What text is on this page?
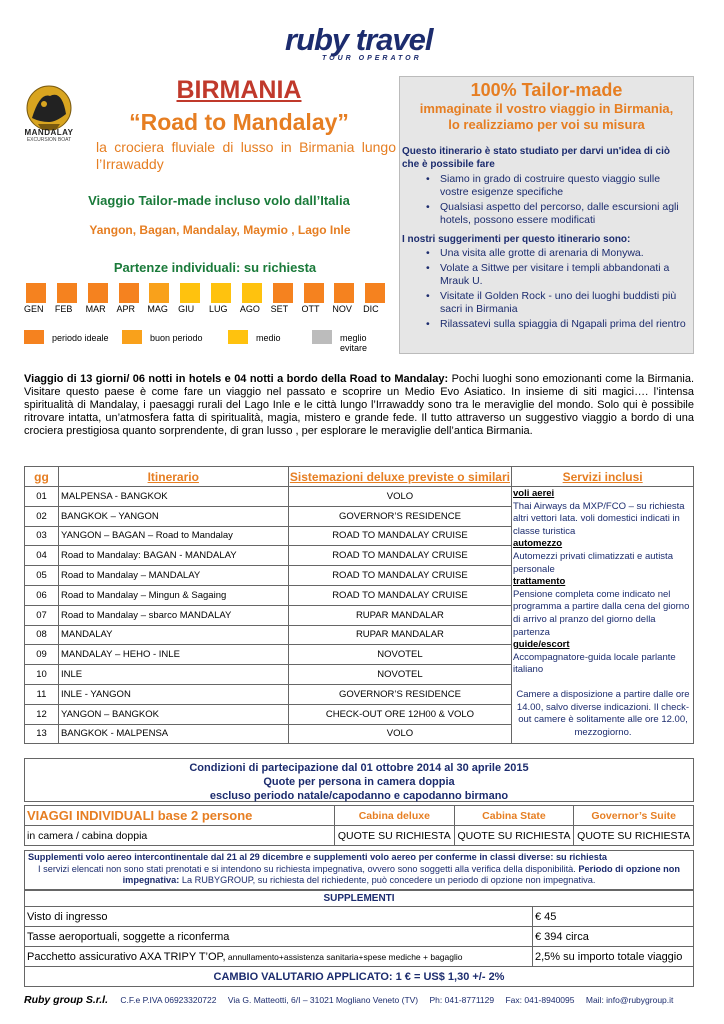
ruby travel
TOUR OPERATOR
MANDALAY
EXCURSION BOAT
BIRMANIA
“Road to Mandalay”
la crociera fluviale di lusso in Birmania lungo l’Irrawaddy
Viaggio Tailor-made incluso volo dall’Italia
Yangon, Bagan, Mandalay, Maymio , Lago Inle
Partenze individuali: su richiesta
GEN FEB MAR APR MAG GIU LUG AGO SET OTT NOV DIC
periodo ideale	buon periodo	medio	meglio evitare
100% Tailor-made
immaginate il vostro viaggio in Birmania,
lo realizziamo per voi su misura
Questo itinerario è stato studiato per darvi un'idea di ciò che è possibile fare
• Siamo in grado di costruire questo viaggio sulle vostre esigenze specifiche
• Qualsiasi aspetto del percorso, dalle escursioni agli hotels, possono essere modificati
I nostri suggerimenti per questo itinerario sono:
• Una visita alle grotte di arenaria di Monywa.
• Volate a Sittwe per visitare i templi abbandonati a Mrauk U.
• Visitate il Golden Rock - uno dei luoghi buddisti più sacri in Birmania
• Rilassatevi sulla spiaggia di Ngapali prima del rientro
Viaggio di 13 giorni/ 06 notti in hotels e 04 notti a bordo della Road to Mandalay: Pochi luoghi sono emozionanti come la Birmania. Visitare questo paese è come fare un viaggio nel passato e scoprire un Medio Evo Asiatico. In insieme di siti magici…. l’intensa spiritualità di Mandalay, i paesaggi rurali del Lago Inle e le città lungo l’Irrawaddy sono tra le meraviglie del mondo. Solo qui è possibile ritrovare intatta, un’atmosfera fatta di spiritualità, magia, mistero e grande fede. Il tutto attraverso un suggestivo viaggio a bordo di una crociera prestigiosa quanto sorprendente, di gran lusso , per esplorare le meraviglie dell’antica Birmania.
gg	Itinerario	Sistemazioni deluxe previste o similari	Servizi inclusi
01	MALPENSA - BANGKOK	VOLO	
02	BANGKOK – YANGON	GOVERNOR’S RESIDENCE	
03	YANGON – BAGAN – Road to Mandalay	ROAD TO MANDALAY CRUISE	
04	Road to Mandalay: BAGAN - MANDALAY	ROAD TO MANDALAY CRUISE	
05	Road to Mandalay – MANDALAY	ROAD TO MANDALAY CRUISE	
06	Road to Mandalay – Mingun & Sagaing	ROAD TO MANDALAY CRUISE	
07	Road to Mandalay – sbarco MANDALAY	RUPAR MANDALAR	
08	MANDALAY	RUPAR MANDALAR	
09	MANDALAY – HEHO - INLE	NOVOTEL	
10	INLE	NOVOTEL	
11	INLE - YANGON	GOVERNOR’S RESIDENCE	
12	YANGON – BANGKOK	CHECK-OUT ORE 12H00 & VOLO	
13	BANGKOK - MALPENSA	VOLO	
voli aerei
Thai Airways da MXP/FCO – su richiesta altri vettori Iata. voli domestici indicati in classe turistica
automezzo
Automezzi privati climatizzati e autista personale
trattamento
Pensione completa come indicato nel programma a partire dalla cena del giorno di arrivo al pranzo del giorno della partenza
guide/escort
Accompagnatore-guida locale parlante italiano
Camere a disposizione a partire dalle ore 14.00, salvo diverse indicazioni. Il check-out camere è solitamente alle ore 12.00, mezzogiorno.
Condizioni di partecipazione dal 01 ottobre 2014 al 30 aprile 2015
Quote per persona in camera doppia
escluso periodo natale/capodanno e capodanno birmano
VIAGGI INDIVIDUALI base 2 persone	Cabina deluxe	Cabina State	Governor’s Suite
in camera / cabina doppia	QUOTE SU RICHIESTA	QUOTE SU RICHIESTA	QUOTE SU RICHIESTA
Supplementi volo aereo intercontinentale dal 21 al 29 dicembre e supplementi volo aereo per conferme in classi diverse: su richiesta
I servizi elencati non sono stati prenotati e si intendono su richiesta impegnativa, ovvero sono soggetti alla verifica della disponibilità. Periodo di opzione non impegnativa: La RUBYGROUP, su richiesta del richiedente, può concedere un periodo di opzione non impegnativa.
SUPPLEMENTI	
Visto di ingresso	€ 45
Tasse aeroportuali, soggette a riconferma	€ 394 circa
Pacchetto assicurativo AXA TRIPY T’OP, annullamento+assistenza sanitaria+spese mediche + bagaglio	2,5% su importo totale viaggio
CAMBIO VALUTARIO APPLICATO: 1 € = US$ 1,30 +/- 2%	
Ruby group S.r.l. C.F.e P.IVA 06923320722 Via G. Matteotti, 6/I – 31021 Mogliano Veneto (TV) Ph: 041-8771129 Fax: 041-8940095 Mail: info@rubygroup.it
